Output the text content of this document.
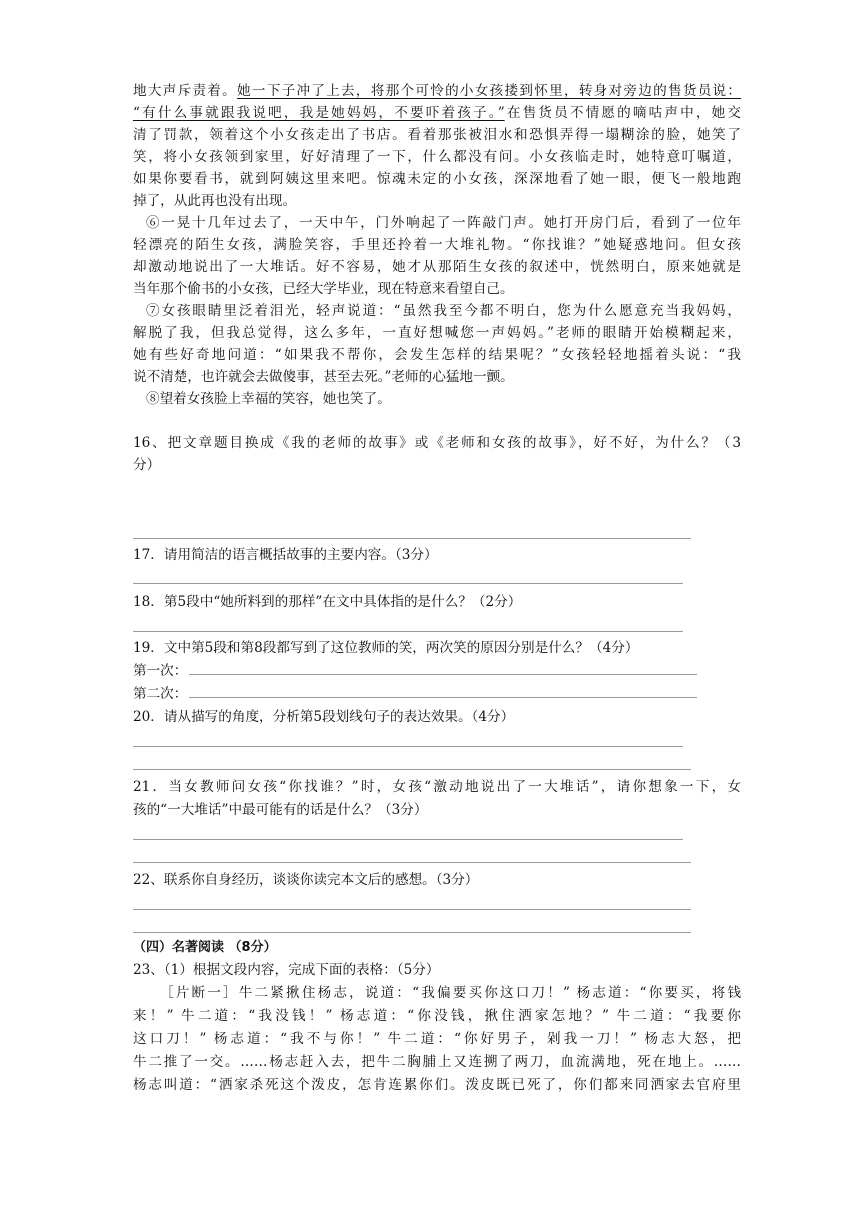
地大声斥责着。她一下子冲了上去，将那个可怜的小女孩搂到怀里，转身对旁边的售货员说：
“有什么事就跟我说吧，我是她妈妈，不要吓着孩子。”在售货员不情愿的嘀咕声中，她交
清了罚款，领着这个小女孩走出了书店。看着那张被泪水和恐惧弄得一塌糊涂的脸，她笑了
笑，将小女孩领到家里，好好清理了一下，什么都没有问。小女孩临走时，她特意叮嘱道，
如果你要看书，就到阿姨这里来吧。惊魂未定的小女孩，深深地看了她一眼，便飞一般地跑
掉了，从此再也没有出现。
⑥一晃十几年过去了，一天中午，门外响起了一阵敲门声。她打开房门后，看到了一位年
轻漂亮的陌生女孩，满脸笑容，手里还拎着一大堆礼物。“你找谁？”她疑惑地问。但女孩
却激动地说出了一大堆话。好不容易，她才从那陌生女孩的叙述中，恍然明白，原来她就是
当年那个偷书的小女孩，已经大学毕业，现在特意来看望自己。
⑦女孩眼睛里泛着泪光，轻声说道：“虽然我至今都不明白，您为什么愿意充当我妈妈，
解脱了我，但我总觉得，这么多年，一直好想喊您一声妈妈。”老师的眼睛开始模糊起来，
她有些好奇地问道：“如果我不帮你，会发生怎样的结果呢？”女孩轻轻地摇着头说：“我
说不清楚，也许就会去做傻事，甚至去死。”老师的心猛地一颤。
⑧望着女孩脸上幸福的笑容，她也笑了。
16、把文章题目换成《我的老师的故事》或《老师和女孩的故事》，好不好，为什么？（3
分）
17．请用简洁的语言概括故事的主要内容。（3分）
18．第5段中“她所料到的那样”在文中具体指的是什么？（2分）
19．文中第5段和第8段都写到了这位教师的笑，两次笑的原因分别是什么？（4分）
第一次：
第二次：
20．请从描写的角度，分析第5段划线句子的表达效果。（4分）
21．当女教师问女孩“你找谁？”时，女孩“激动地说出了一大堆话”，请你想象一下，女
孩的“一大堆话”中最可能有的话是什么？（3分）
22、联系你自身经历，谈谈你读完本文后的感想。（3分）
（四）名著阅读 （8分）
23、（1）根据文段内容，完成下面的表格：（5分）
［片断一］牛二紧揪住杨志，说道：“我偏要买你这口刀！” 杨志道：“你要买，将钱
来！” 牛二道：“我没钱！” 杨志道：“你没钱，揪住洒家怎地？” 牛二道：“我要你
这口刀！” 杨志道：“我不与你！” 牛二道：“你好男子，剁我一刀！” 杨志大怒，把
牛二推了一交。……杨志赶入去，把牛二胸脯上又连搠了两刀，血流满地，死在地上。……
杨志叫道：“洒家杀死这个泼皮，怎肯连累你们。泼皮既已死了，你们都来同洒家去官府里
